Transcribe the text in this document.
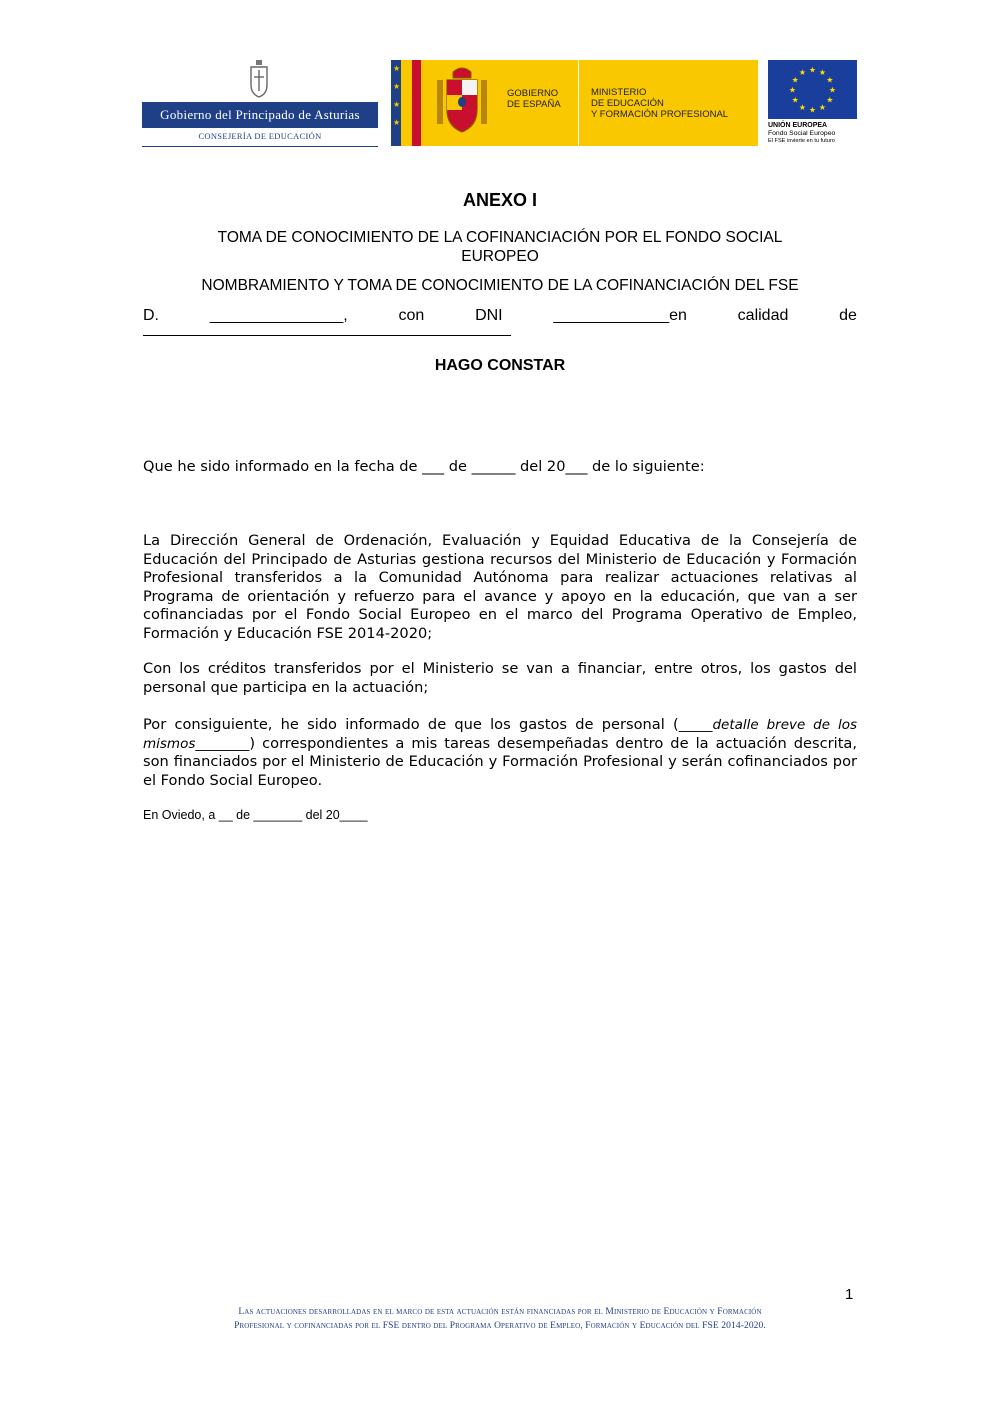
Gobierno del Principado de Asturias
CONSEJERÍA DE EDUCACIÓN
★
★
★
★
GOBIERNO
DE ESPAÑA
MINISTERIO
DE EDUCACIÓN
Y FORMACIÓN PROFESIONAL
★ ★
★
★
★
★
★
★
★
★
★
★
UNIÓN EUROPEA
Fondo Social Europeo
El FSE invierte en tu futuro
ANEXO I
TOMA DE CONOCIMIENTO DE LA COFINANCIACIÓN POR EL FONDO SOCIAL
EUROPEO
NOMBRAMIENTO Y TOMA DE CONOCIMIENTO DE LA COFINANCIACIÓN DEL FSE
D.	_______________,	con	DNI	_____________en	calidad	de
HAGO CONSTAR
Que he sido informado en la fecha de ___ de ______ del 20___ de lo siguiente:
La Dirección General de Ordenación, Evaluación y Equidad Educativa de la Consejería de Educación del Principado de Asturias gestiona recursos del Ministerio de Educación y Formación Profesional transferidos a la Comunidad Autónoma para realizar actuaciones relativas al Programa de orientación y refuerzo para el avance y apoyo en la educación, que van a ser cofinanciadas por el Fondo Social Europeo en el marco del Programa Operativo de Empleo, Formación y Educación FSE 2014-2020;
Con los créditos transferidos por el Ministerio se van a financiar, entre otros, los gastos del personal que participa en la actuación;
Por consiguiente, he sido informado de que los gastos de personal (_____detalle breve de los mismos________) correspondientes a mis tareas desempeñadas dentro de la actuación descrita, son financiados por el Ministerio de Educación y Formación Profesional y serán cofinanciados por el Fondo Social Europeo.
En Oviedo, a __ de _______ del 20____
1
Las actuaciones desarrolladas en el marco de esta actuación están financiadas por el Ministerio de Educación y Formación
Profesional y cofinanciadas por el FSE dentro del Programa Operativo de Empleo, Formación y Educación del FSE 2014-2020.
